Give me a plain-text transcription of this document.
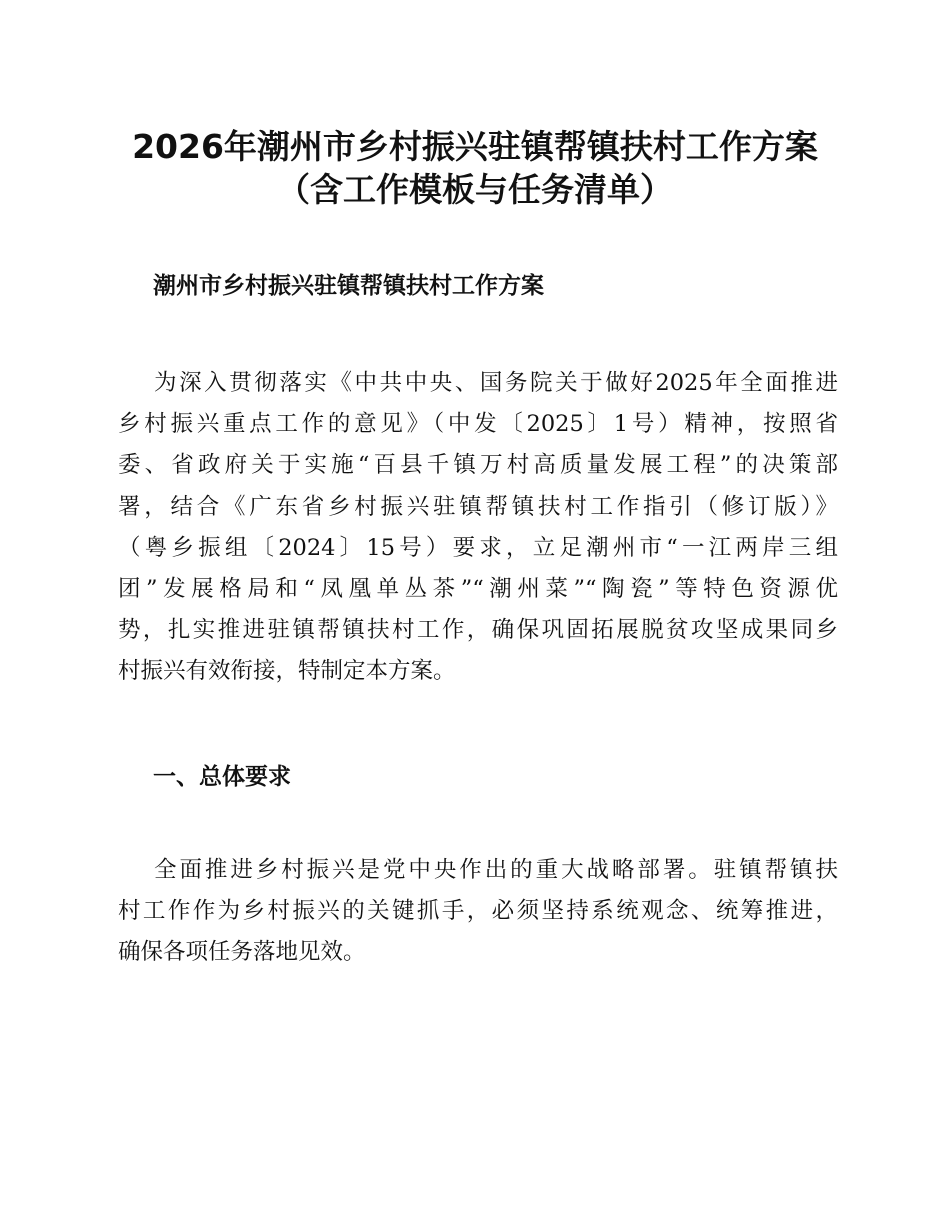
2026年潮州市乡村振兴驻镇帮镇扶村工作方案
（含工作模板与任务清单）
潮州市乡村振兴驻镇帮镇扶村工作方案
为深入贯彻落实《中共中央、国务院关于做好2025年全面推进
乡村振兴重点工作的意见》（中发〔2025〕1号）精神，按照省
委、省政府关于实施“百县千镇万村高质量发展工程”的决策部
署，结合《广东省乡村振兴驻镇帮镇扶村工作指引（修订版）》
（粤乡振组〔2024〕15号）要求，立足潮州市“一江两岸三组
团”发展格局和“凤凰单丛茶”“潮州菜”“陶瓷”等特色资源优
势，扎实推进驻镇帮镇扶村工作，确保巩固拓展脱贫攻坚成果同乡
村振兴有效衔接，特制定本方案。
一、总体要求
全面推进乡村振兴是党中央作出的重大战略部署。驻镇帮镇扶
村工作作为乡村振兴的关键抓手，必须坚持系统观念、统筹推进，
确保各项任务落地见效。
